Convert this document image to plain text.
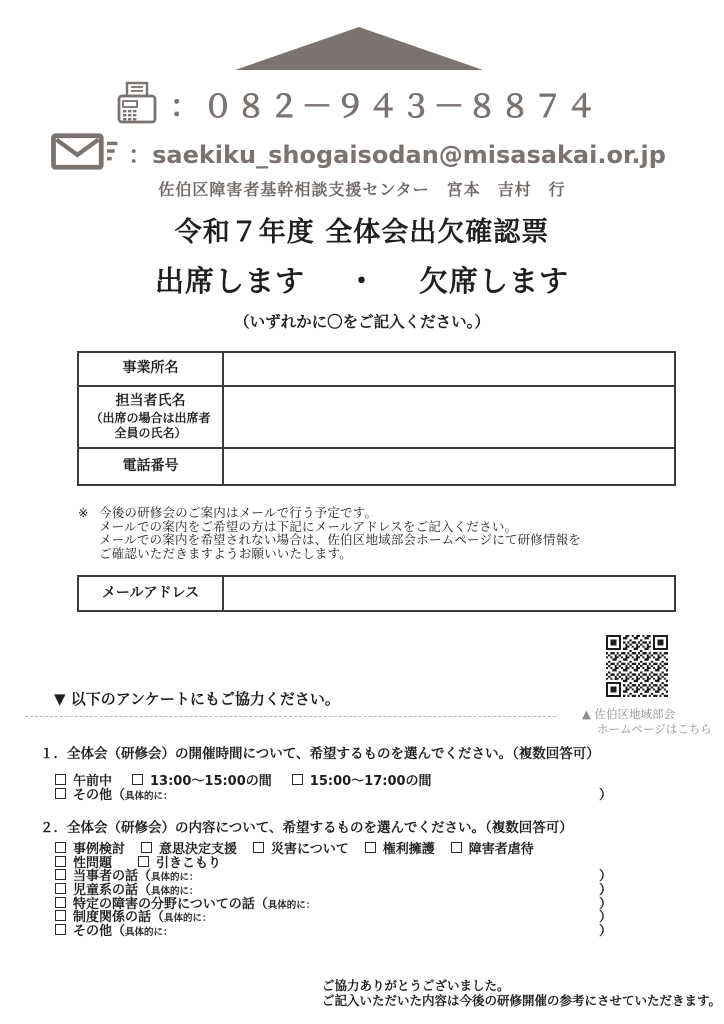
：０８２－９４３－８８７４
：saekiku_shogaisodan@misasakai.or.jp
佐伯区障害者基幹相談支援センター　宮本　吉村　行
令和７年度 全体会出欠確認票
出席します ・ 欠席します
（いずれかに〇をご記入ください。）
事業所名
担当者氏名
（出席の場合は出席者
全員の氏名）
電話番号
※ 今後の研修会のご案内はメールで行う予定です。
メールでの案内をご希望の方は下記にメールアドレスをご記入ください。
メールでの案内を希望されない場合は、佐伯区地域部会ホームページにて研修情報を
ご確認いただきますようお願いいたします。
メールアドレス
▲ 佐伯区地域部会
ホームページはこちら
▼ 以下のアンケートにもご協力ください。
１．全体会（研修会）の開催時間について、希望するものを選んでください。（複数回答可）
午前中	13:00～15:00の間	15:00～17:00の間
その他 （ 具体的に：	）
２．全体会（研修会）の内容について、希望するものを選んでください。（複数回答可）
事例検討	意思決定支援	災害について	権利擁護	障害者虐待
性問題	引きこもり
当事者の話 （ 具体的に：	）
児童系の話 （ 具体的に：	）
特定の障害の分野についての話 （ 具体的に：	）
制度関係の話 （ 具体的に：	）
その他 （ 具体的に：	）
ご協力ありがとうございました。
ご記入いただいた内容は今後の研修開催の参考にさせていただきます。
